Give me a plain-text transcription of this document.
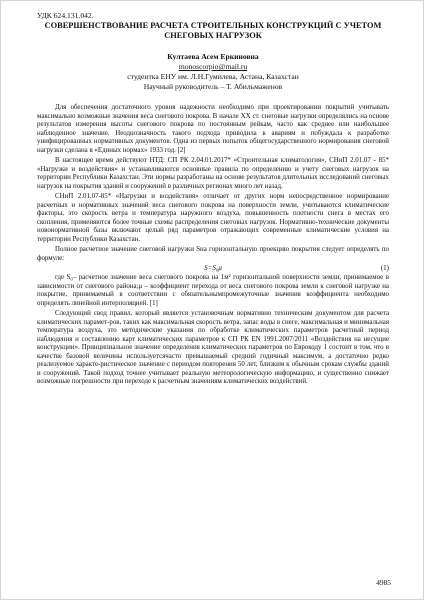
УДК 624.131.042.
СОВЕРШЕНСТВОВАНИЕ РАСЧЕТА СТРОИТЕЛЬНЫХ КОНСТРУКЦИЙ С УЧЕТОМ СНЕГОВЫХ НАГРУЗОК
Култаева Асем Еркиновна
monoscorpio@mail.ru
студентка ЕНУ им. Л.Н.Гумилева, Астана, Казахстан
Научный руководитель – Т. Абильмаженов

Для обеспечения достаточного уровня надежности необходимо при проектировании покрытий учитывать максимально возможные значения веса снегового покрова. В начале XX ст. снеговые нагрузки определялись на основе результатов измерения высоты снегового покрова по постоянным рейкам, часто как среднее или наибольшее наблюденное значение. Неоднозначность такого подхода приводила к авариям и побуждала к разработке унифицированных нормативных документов. Одна из первых попыток общегосударственного нормирования снеговой нагрузки сделана в «Единых нормах» 1933 год. [2]

В настоящее время действуют НТД: СП РК 2.04.01.2017* «Строительная климатология», СНиП 2.01.07 - 85* «Нагрузки и воздействия» и устанавливаются основные правила по определению и учету снеговых нагрузок на территории Республики Казахстан. Эти нормы разработаны на основе результатов длительных исследований снеговых нагрузок на покрытия зданий и сооружений в различных регионах много лет назад.

СНиП 2.01.07-85* «Нагрузки и воздействия» отличает от других норм непосредственное нормирование расчетных и нормативных значений веса снегового покрова на поверхности земли, учитываются климатические факторы, это скорость ветра и температура наружного воздуха, повышенность плотности снега в местах его скопления, применяются более точные схемы распределения снеговых нагрузок. Нормативно-технические документы новонормативной базы включают целый ряд параметров отражающих современные климатические условия на территории Республики Казахстан.

Полное расчетное значение снеговой нагрузки Sна горизонтальную проекцию покрытия следует определять по формуле:

S=S₀μ	(1)

где S₀– расчетное значение веса снегового покрова на 1м² горизонтальной поверхности земли, принимаемое в зависимости от снегового района;μ – коэффициент перехода от веса снегового покрова земли к снеговой нагрузке на покрытие, принимаемый в соответствии с обязательнымпромежуточные значения коэффициента необходимо определять линейной интерполяцией. [1]

Следующий свод правил, который является установочным нормативно техническим документом для расчета климатических парамет-ров, таких как максимальная скорость ветра, запас воды в снеге, максимальная и минимальная температура воздуха, это методические указания по обработке климатических параметров расчетный период наблюдения и составлению карт климатических параметров к СП РК EN 1991.2007/2011 «Воздействия на несущие конструкции». Принципиальное значение определения климатических параметров по Еврокоду 1 состоит в том, что в качестве базовой величины используетсячасто превышаемый средний годичный максимум, а достаточно редко реализуемое характе-ристическое значение с периодом повторения 50 лет, близким к обычным срокам службы зданий и сооружений. Такой подход точнее учитывает реальную метеорологическую информацию, и существенно снижает возможные погрешности при переходе к расчетным значениям климатических воздействий.

4985
